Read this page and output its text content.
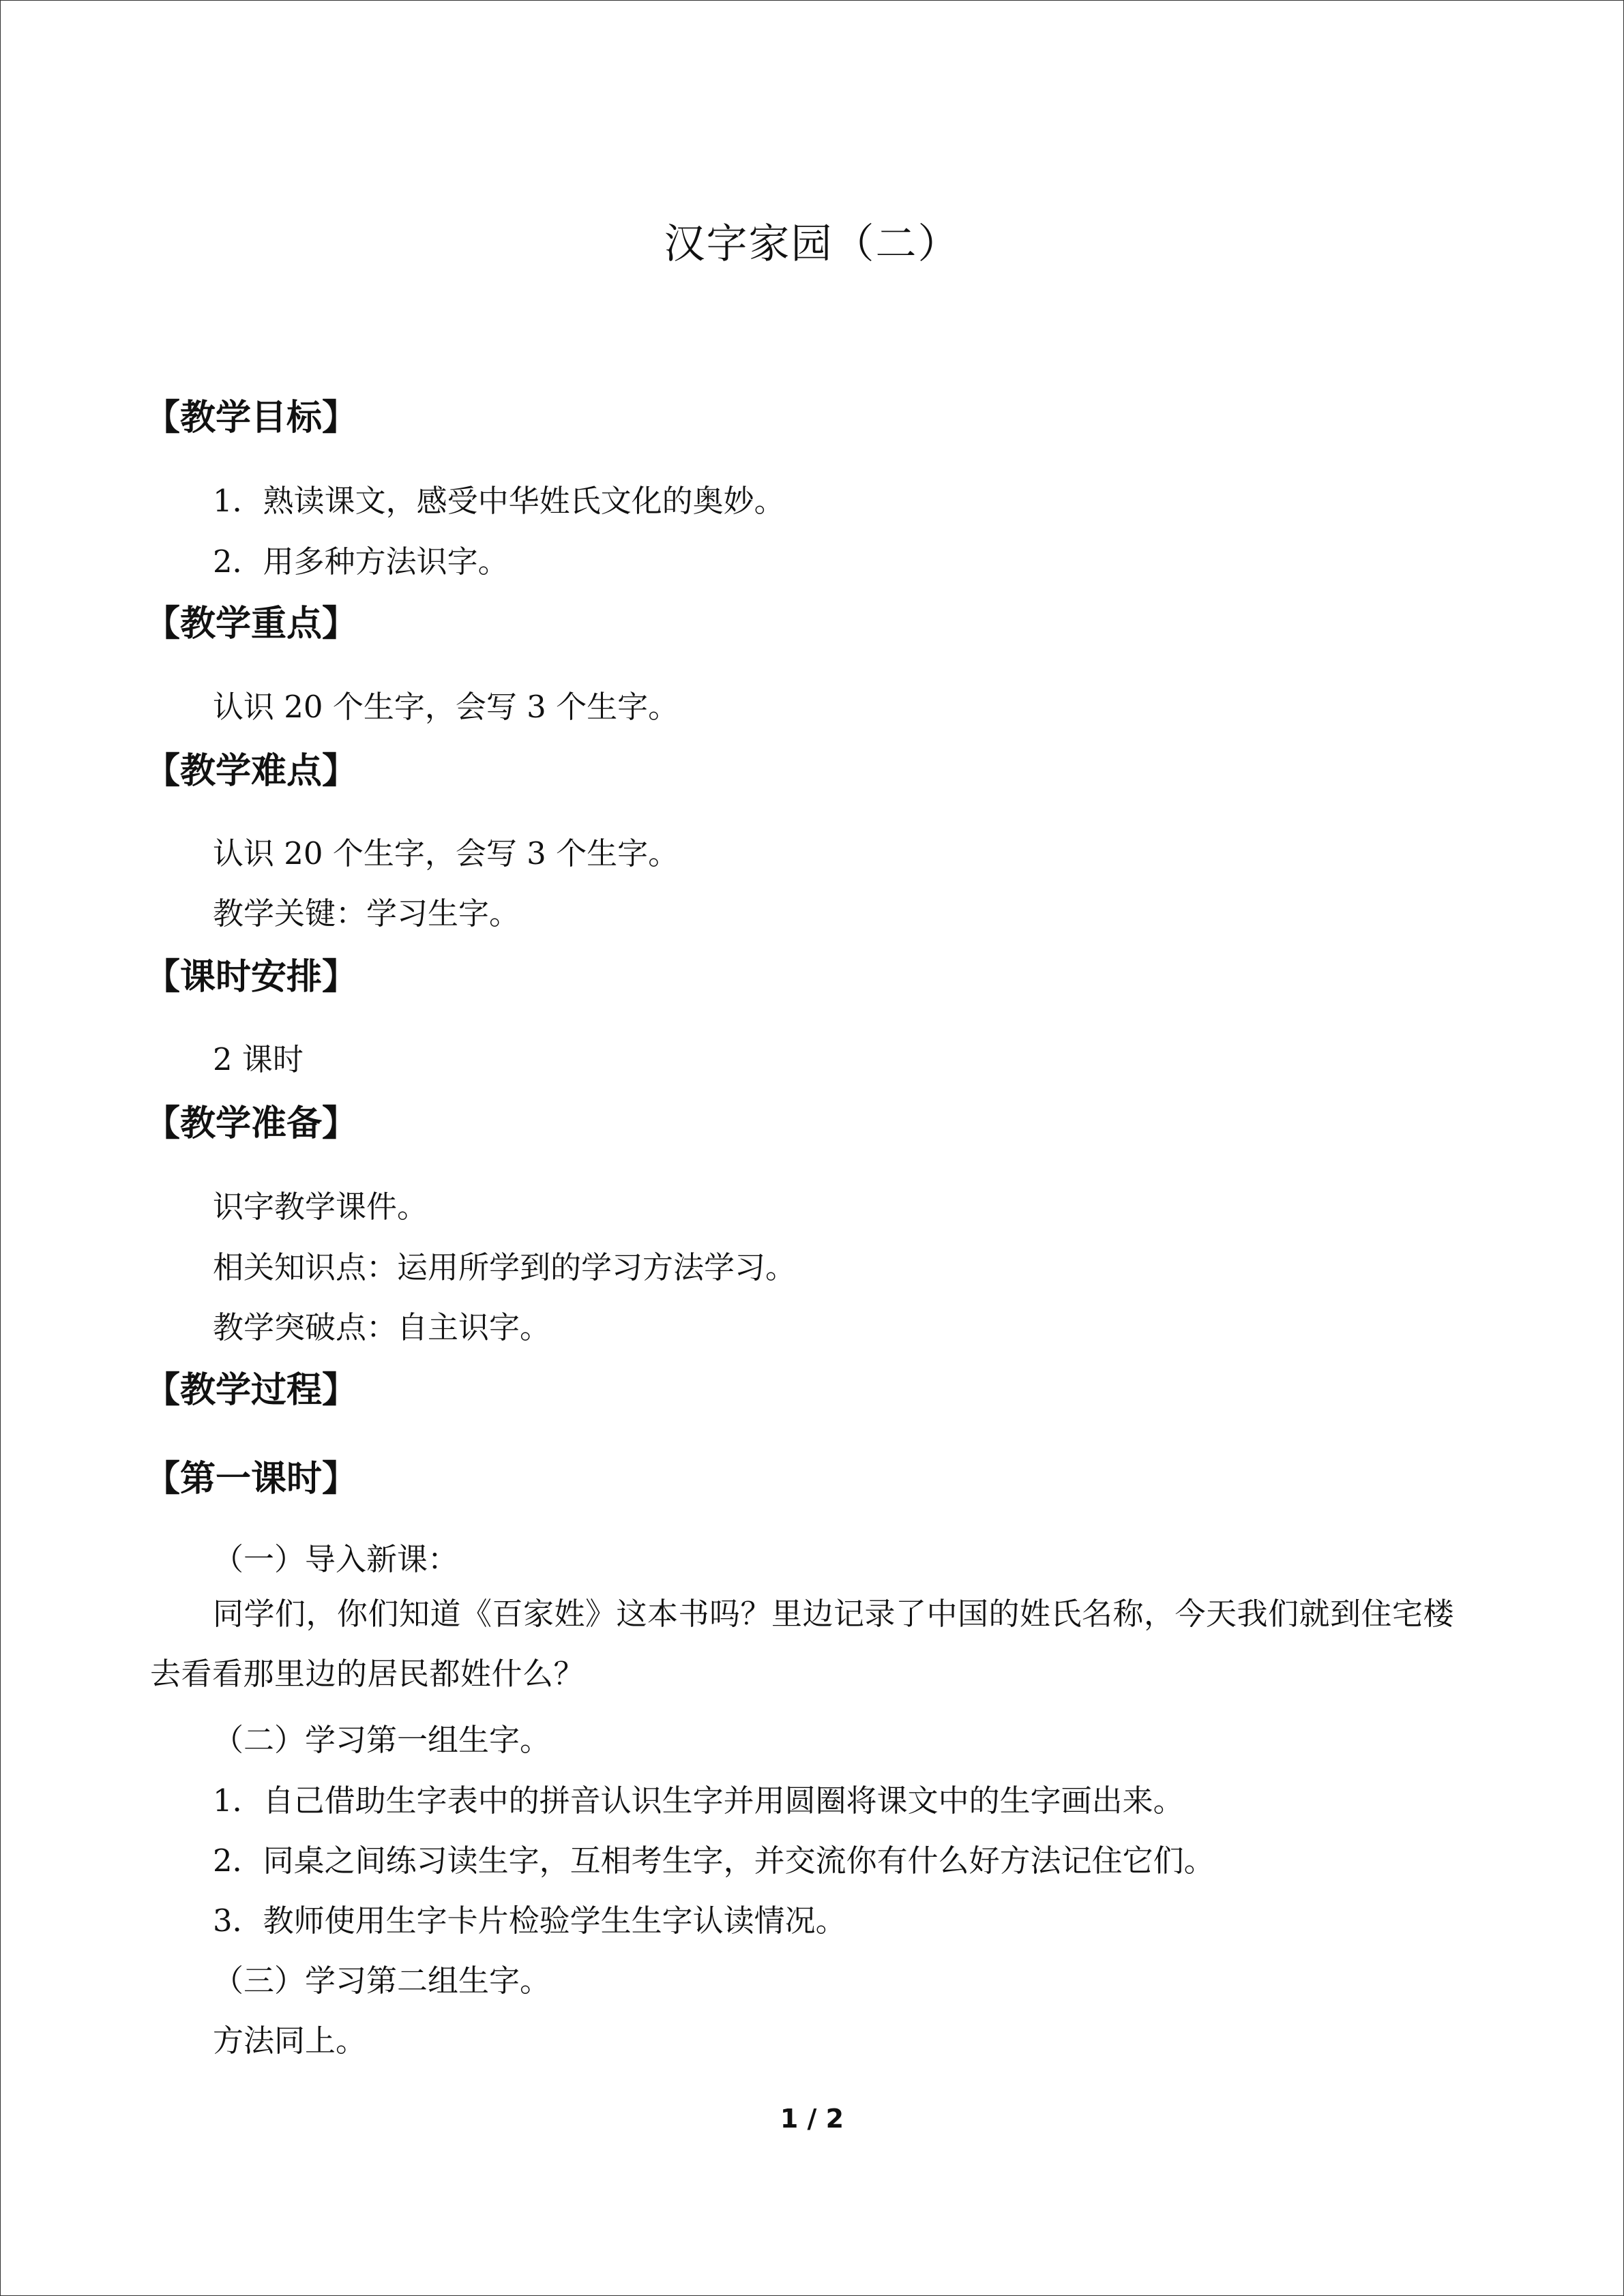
汉字家园（二）
【教学目标】
1．熟读课文，感受中华姓氏文化的奥妙。
2．用多种方法识字。
【教学重点】
认识 20 个生字，会写 3 个生字。
【教学难点】
认识 20 个生字，会写 3 个生字。
教学关键：学习生字。
【课时安排】
2 课时
【教学准备】
识字教学课件。
相关知识点：运用所学到的学习方法学习。
教学突破点：自主识字。
【教学过程】
【第一课时】
（一）导入新课：
同学们，你们知道《百家姓》这本书吗？里边记录了中国的姓氏名称，今天我们就到住宅楼去看看那里边的居民都姓什么？
（二）学习第一组生字。
1．自己借助生字表中的拼音认识生字并用圆圈将课文中的生字画出来。
2．同桌之间练习读生字，互相考生字，并交流你有什么好方法记住它们。
3．教师使用生字卡片检验学生生字认读情况。
（三）学习第二组生字。
方法同上。
1 / 2
